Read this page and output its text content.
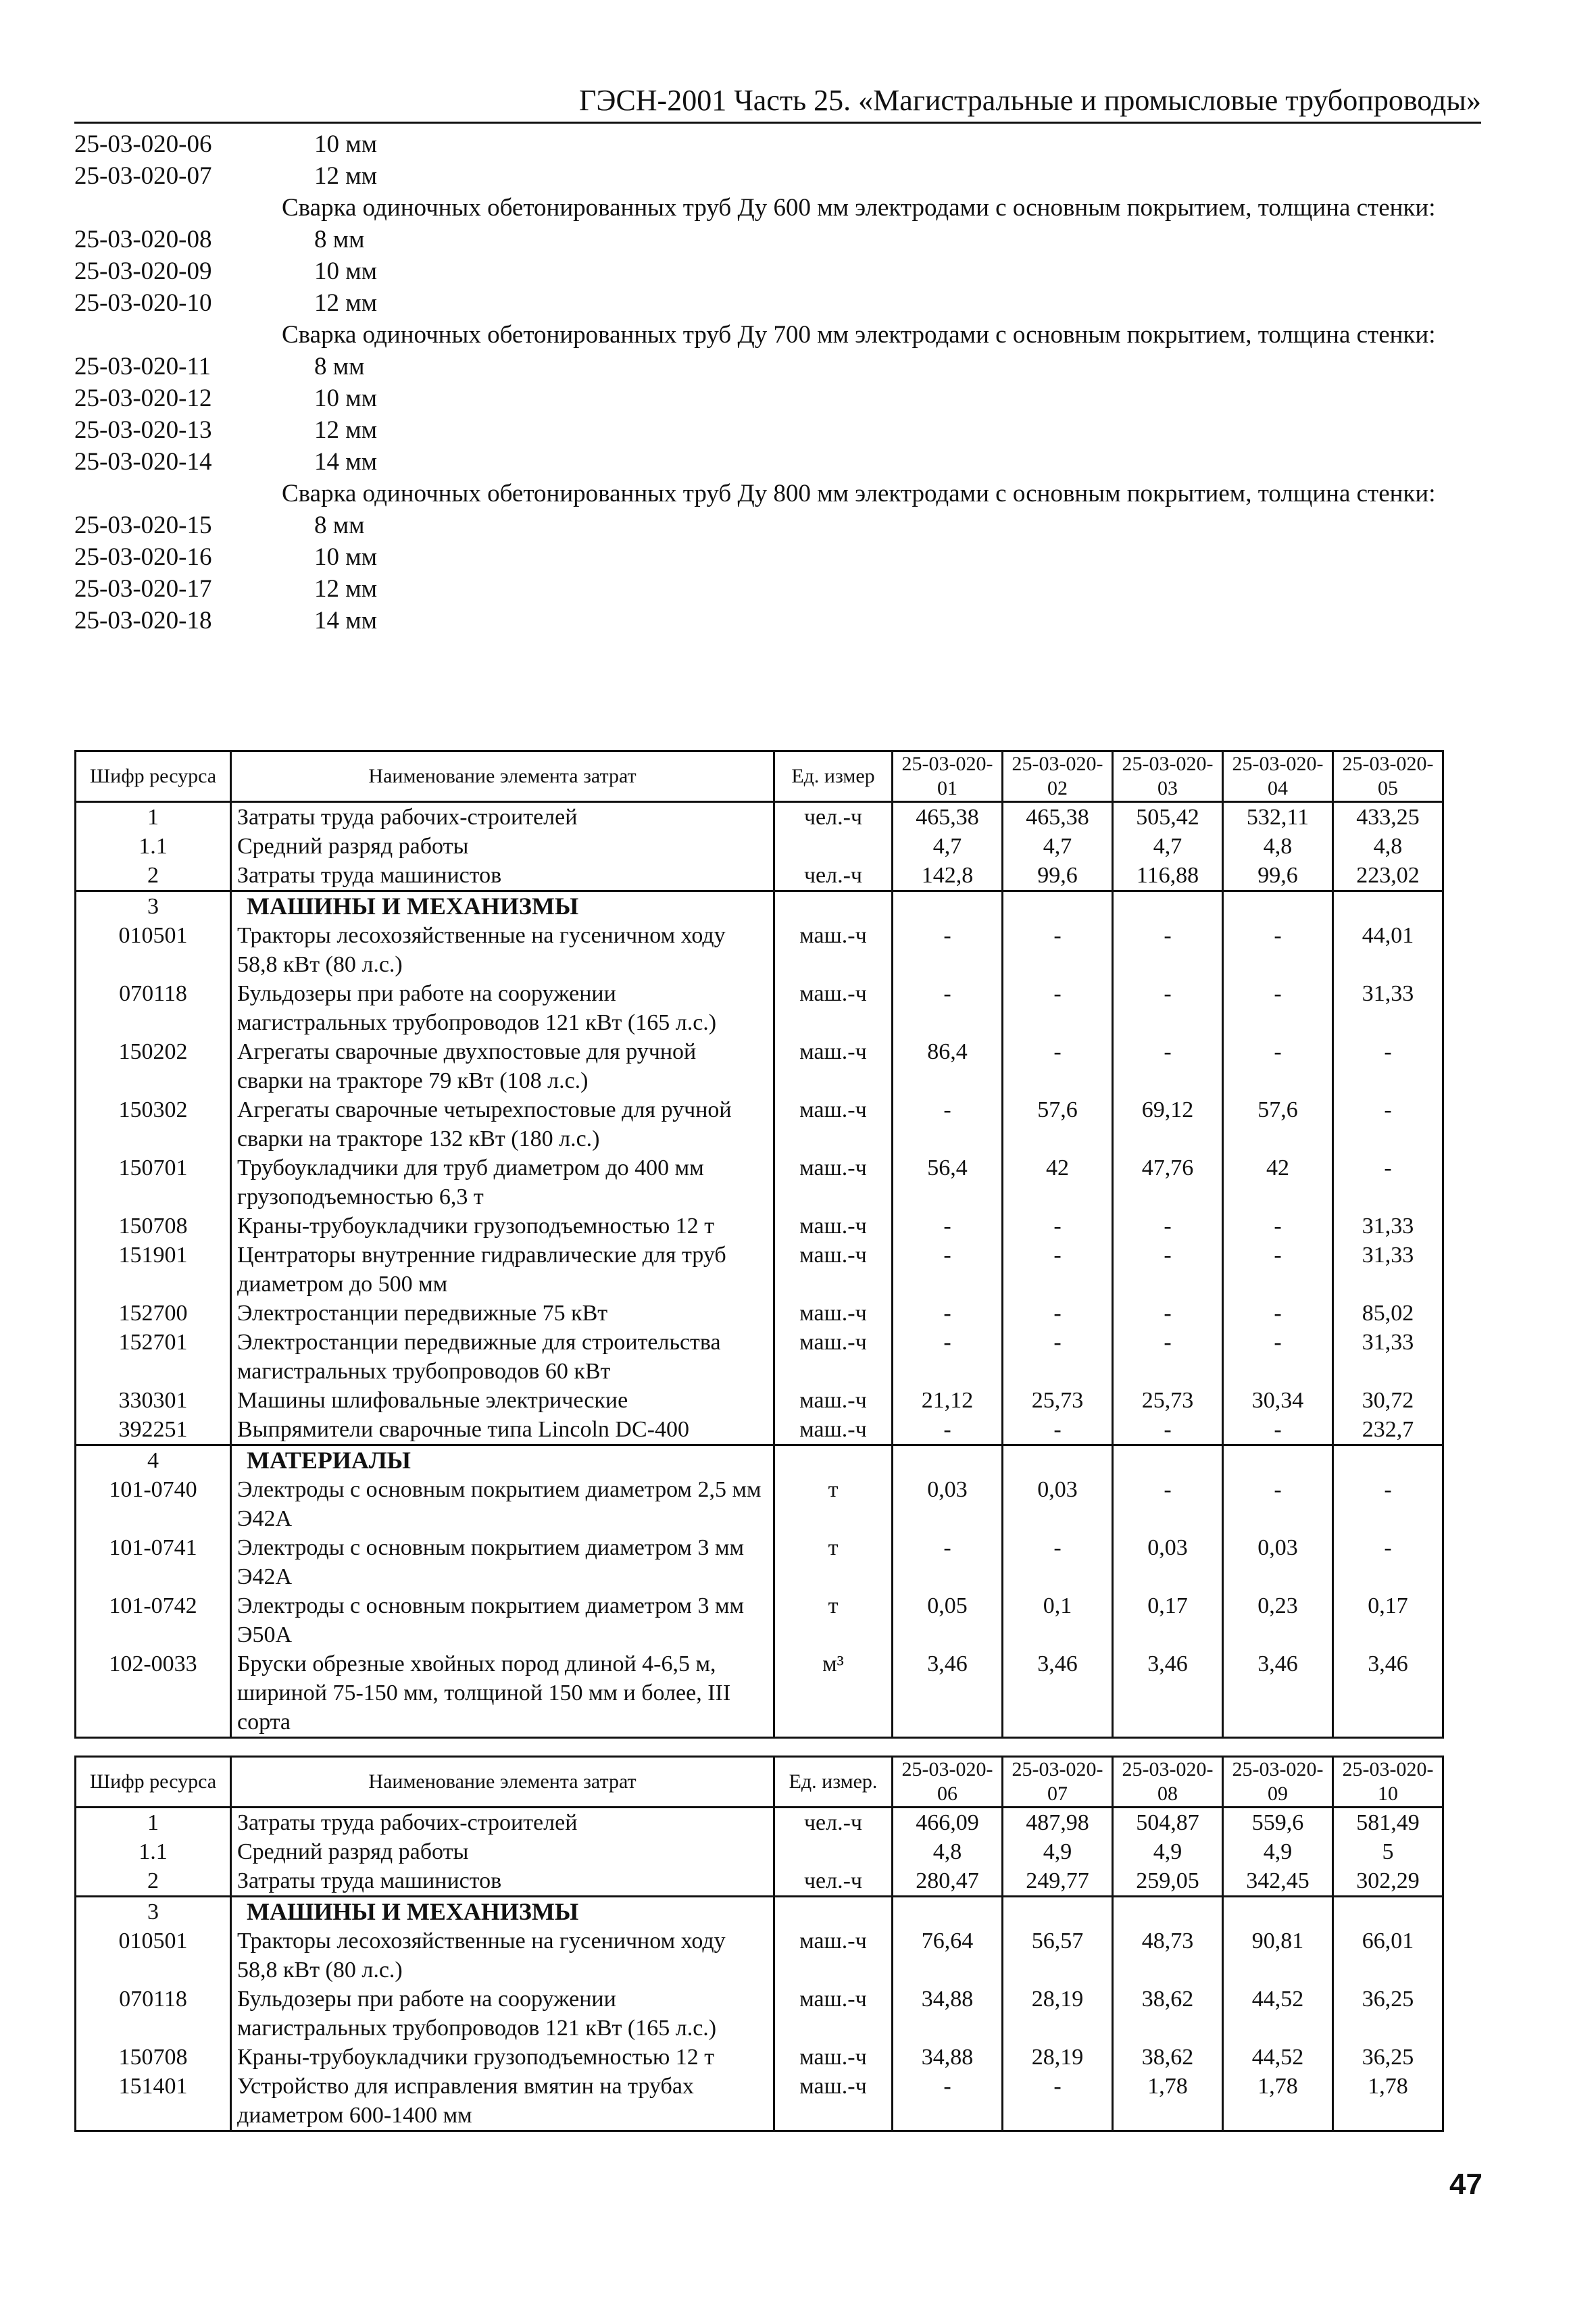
ГЭСН-2001 Часть 25. «Магистральные и промысловые трубопроводы»
25-03-020-06	10 мм
25-03-020-07	12 мм
Сварка одиночных обетонированных труб Ду 600 мм электродами с основным покрытием, толщина стенки:
25-03-020-08	8 мм
25-03-020-09	10 мм
25-03-020-10	12 мм
Сварка одиночных обетонированных труб Ду 700 мм электродами с основным покрытием, толщина стенки:
25-03-020-11	8 мм
25-03-020-12	10 мм
25-03-020-13	12 мм
25-03-020-14	14 мм
Сварка одиночных обетонированных труб Ду 800 мм электродами с основным покрытием, толщина стенки:
25-03-020-15	8 мм
25-03-020-16	10 мм
25-03-020-17	12 мм
25-03-020-18	14 мм
Шифр ресурса	Наименование элемента затрат	Ед. измер	25-03-020-01	25-03-020-02	25-03-020-03	25-03-020-04	25-03-020-05
1	Затраты труда рабочих-строителей	чел.-ч	465,38	465,38	505,42	532,11	433,25
1.1	Средний разряд работы		4,7	4,7	4,7	4,8	4,8
2	Затраты труда машинистов	чел.-ч	142,8	99,6	116,88	99,6	223,02
3	МАШИНЫ И МЕХАНИЗМЫ						
010501	Тракторы лесохозяйственные на гусеничном ходу 58,8 кВт (80 л.с.)	маш.-ч	-	-	-	-	44,01
070118	Бульдозеры при работе на сооружении магистральных трубопроводов 121 кВт (165 л.с.)	маш.-ч	-	-	-	-	31,33
150202	Агрегаты сварочные двухпостовые для ручной сварки на тракторе 79 кВт (108 л.с.)	маш.-ч	86,4	-	-	-	-
150302	Агрегаты сварочные четырехпостовые для ручной сварки на тракторе 132 кВт (180 л.с.)	маш.-ч	-	57,6	69,12	57,6	-
150701	Трубоукладчики для труб диаметром до 400 мм грузоподъемностью 6,3 т	маш.-ч	56,4	42	47,76	42	-
150708	Краны-трубоукладчики грузоподъемностью 12 т	маш.-ч	-	-	-	-	31,33
151901	Центраторы внутренние гидравлические для труб диаметром до 500 мм	маш.-ч	-	-	-	-	31,33
152700	Электростанции передвижные 75 кВт	маш.-ч	-	-	-	-	85,02
152701	Электростанции передвижные для строительства магистральных трубопроводов 60 кВт	маш.-ч	-	-	-	-	31,33
330301	Машины шлифовальные электрические	маш.-ч	21,12	25,73	25,73	30,34	30,72
392251	Выпрямители сварочные типа Lincoln DC-400	маш.-ч	-	-	-	-	232,7
4	МАТЕРИАЛЫ						
101-0740	Электроды с основным покрытием диаметром 2,5 мм Э42А	т	0,03	0,03	-	-	-
101-0741	Электроды с основным покрытием диаметром 3 мм Э42А	т	-	-	0,03	0,03	-
101-0742	Электроды с основным покрытием диаметром 3 мм Э50А	т	0,05	0,1	0,17	0,23	0,17
102-0033	Бруски обрезные хвойных пород длиной 4-6,5 м, шириной 75-150 мм, толщиной 150 мм и более, III сорта	м³	3,46	3,46	3,46	3,46	3,46
Шифр ресурса	Наименование элемента затрат	Ед. измер.	25-03-020-06	25-03-020-07	25-03-020-08	25-03-020-09	25-03-020-10
1	Затраты труда рабочих-строителей	чел.-ч	466,09	487,98	504,87	559,6	581,49
1.1	Средний разряд работы		4,8	4,9	4,9	4,9	5
2	Затраты труда машинистов	чел.-ч	280,47	249,77	259,05	342,45	302,29
3	МАШИНЫ И МЕХАНИЗМЫ						
010501	Тракторы лесохозяйственные на гусеничном ходу 58,8 кВт (80 л.с.)	маш.-ч	76,64	56,57	48,73	90,81	66,01
070118	Бульдозеры при работе на сооружении магистральных трубопроводов 121 кВт (165 л.с.)	маш.-ч	34,88	28,19	38,62	44,52	36,25
150708	Краны-трубоукладчики грузоподъемностью 12 т	маш.-ч	34,88	28,19	38,62	44,52	36,25
151401	Устройство для исправления вмятин на трубах диаметром 600-1400 мм	маш.-ч	-	-	1,78	1,78	1,78
47
